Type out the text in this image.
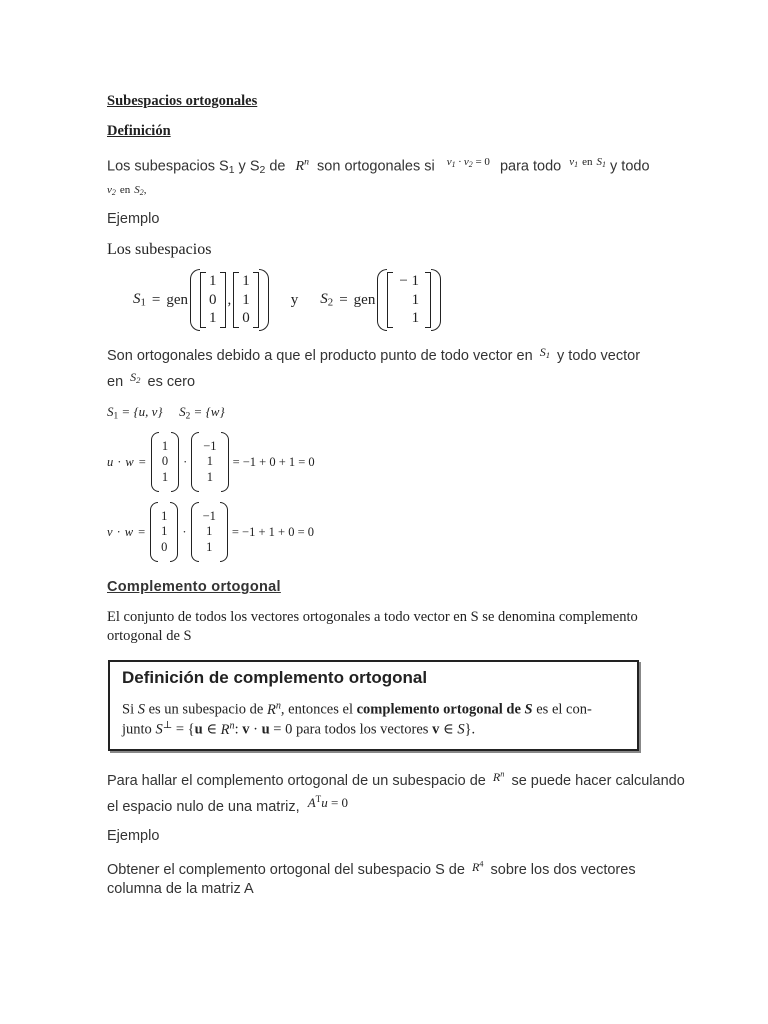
Subespacios ortogonales
Definición
Los subespacios $S_1$ y $S_2$ de $R^n$ son ortogonales si $^{v_1 \cdot v_2 = 0}$ para todo $^{v_1}$ $^{en}$ $^{S_1}$ y todo
$v_2$ en $S_2$,
Ejemplo
Los subespacios
$S_1$ = gen
1
0
1
,
1
1
0
y $S_2$ = gen
− 1
1
1
Son ortogonales debido a que el producto punto de todo vector en $^{S_1}$ y todo vector
en $^{S_2}$ es cero
$S_1 = \{u$, v} $S_2 = \{w\}$
u · w =
1
0
1
·
−1
1
1
= −1 + 0 + 1 = 0
v · w =
1
1
0
·
−1
1
1
= −1 + 1 + 0 = 0
Complemento ortogonal
El conjunto de todos los vectores ortogonales a todo vector en S se denomina complemento
ortogonal de S
Definición de complemento ortogonal
Si S es un subespacio de $R^n$, entonces el complemento ortogonal de S es el con-
junto S⊥ = {u ∈ $R^n$: v · u = 0 para todos los vectores v ∈ S}.
Para hallar el complemento ortogonal de un subespacio de $^{R^n}$ se puede hacer calculando
el espacio nulo de una matriz, $A^Tu = 0$
Ejemplo
Obtener el complemento ortogonal del subespacio S de $^{R^4}$ sobre los dos vectores
columna de la matriz A
